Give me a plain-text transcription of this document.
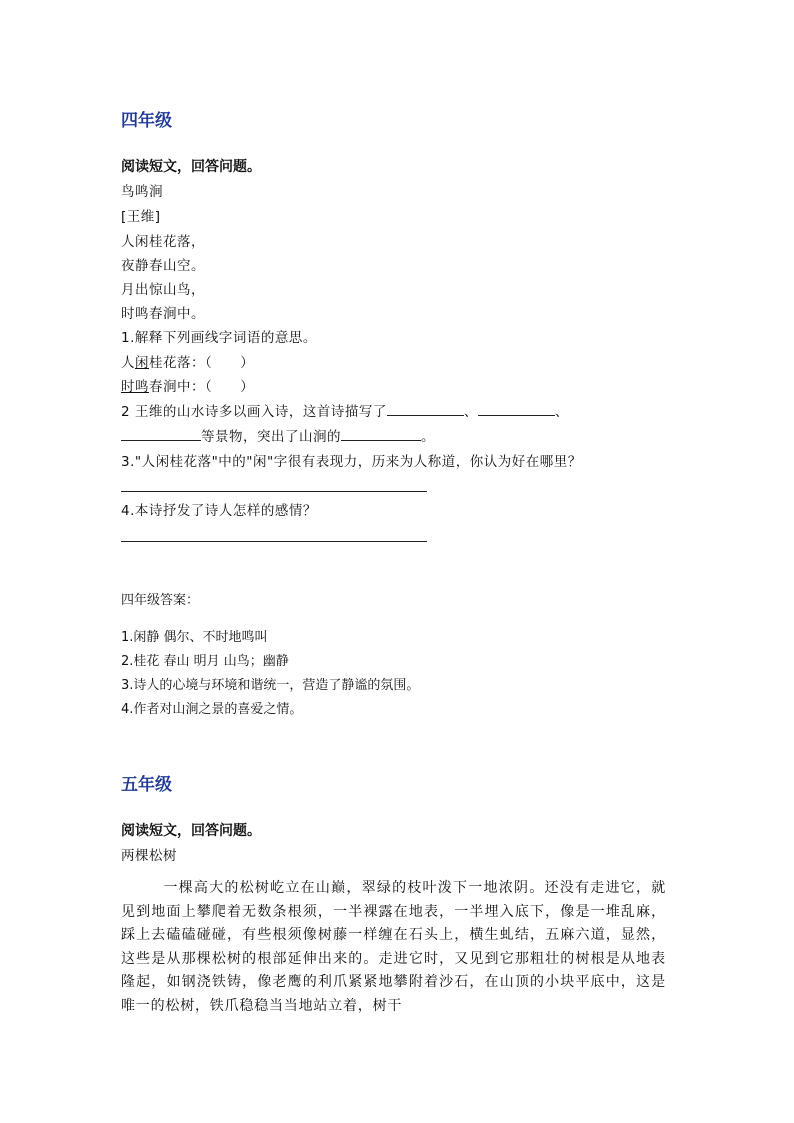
四年级
阅读短文，回答问题。
鸟鸣涧
[王维]
人闲桂花落，
夜静春山空。
月出惊山鸟，
时鸣春涧中。
1.解释下列画线字词语的意思。
人闲桂花落：（　　）
时鸣春涧中：（　　）
2 王维的山水诗多以画入诗，这首诗描写了	、	、
等景物，突出了山涧的	。
3."人闲桂花落"中的"闲"字很有表现力，历来为人称道，你认为好在哪里？
4.本诗抒发了诗人怎样的感情？
四年级答案：
1.闲静 偶尔、不时地鸣叫
2.桂花 春山 明月 山鸟；幽静
3.诗人的心境与环境和谐统一，营造了静谧的氛围。
4.作者对山涧之景的喜爱之情。
五年级
阅读短文，回答问题。
两棵松树
一棵高大的松树屹立在山巅，翠绿的枝叶泼下一地浓阴。还没有走进它，就见到地面上攀爬着无数条根须，一半裸露在地表，一半埋入底下，像是一堆乱麻，踩上去磕磕碰碰，有些根须像树藤一样缠在石头上，横生虬结，五麻六道，显然，这些是从那棵松树的根部延伸出来的。走进它时，又见到它那粗壮的树根是从地表隆起，如钢浇铁铸，像老鹰的利爪紧紧地攀附着沙石，在山顶的小块平底中，这是唯一的松树，铁爪稳稳当当地站立着，树干
